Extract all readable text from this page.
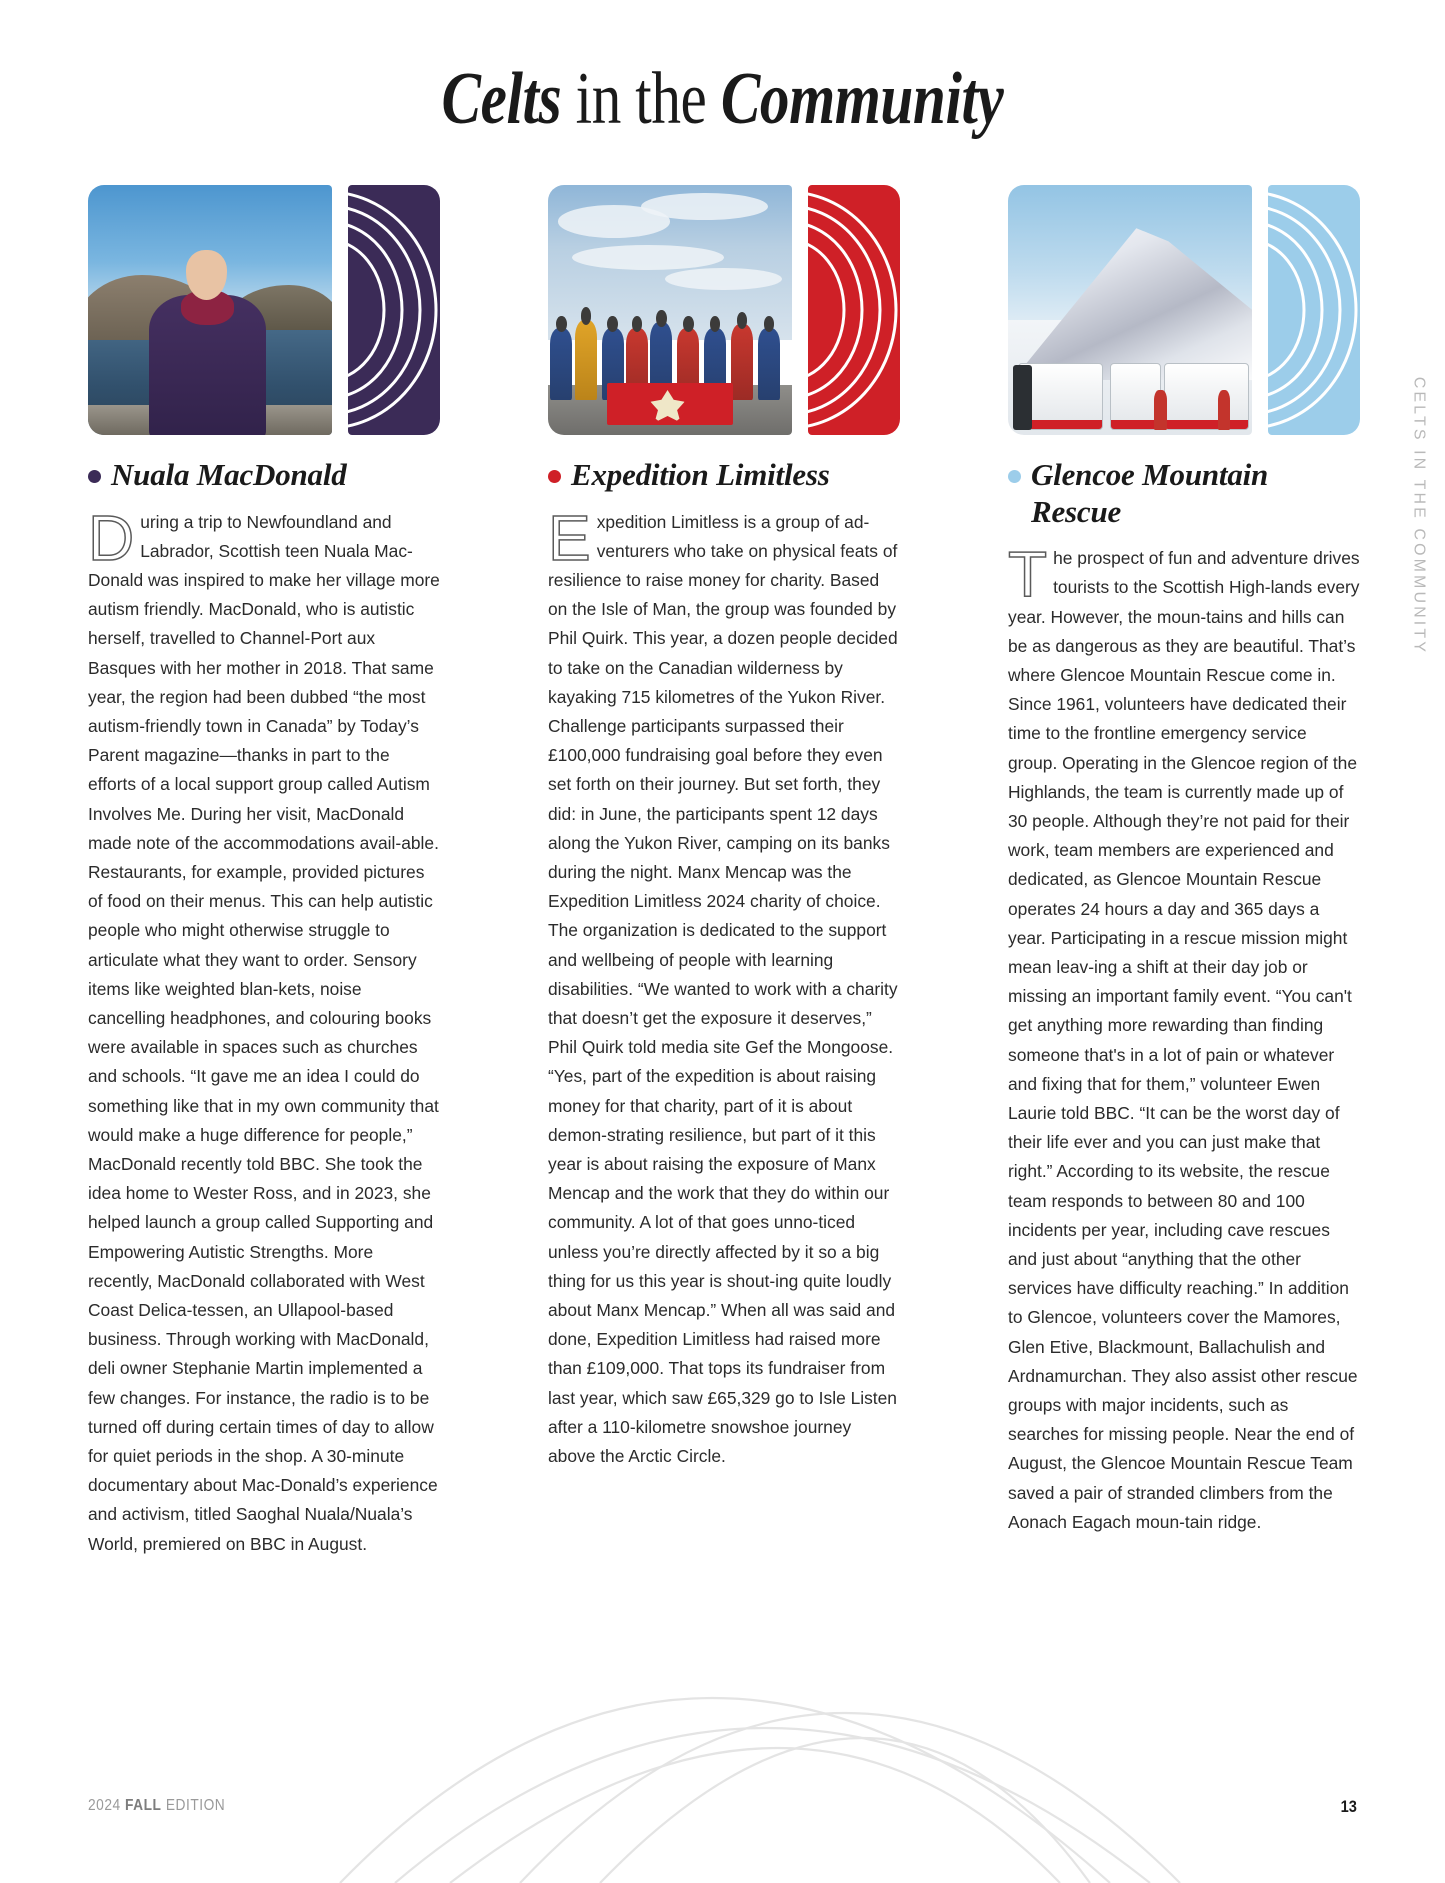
Celts in the Community
Nuala MacDonald
D uring a trip to Newfoundland and Labrador, Scottish teen Nuala Mac-Donald was inspired to make her village more autism friendly. MacDonald, who is autistic herself, travelled to Channel-Port aux Basques with her mother in 2018. That same year, the region had been dubbed “the most autism-friendly town in Canada” by Today’s Parent magazine—thanks in part to the efforts of a local support group called Autism Involves Me. During her visit, MacDonald made note of the accommodations avail-able. Restaurants, for example, provided pictures of food on their menus. This can help autistic people who might otherwise struggle to articulate what they want to order. Sensory items like weighted blan-kets, noise cancelling headphones, and colouring books were available in spaces such as churches and schools. “It gave me an idea I could do something like that in my own community that would make a huge difference for people,” MacDonald recently told BBC. She took the idea home to Wester Ross, and in 2023, she helped launch a group called Supporting and Empowering Autistic Strengths. More recently, MacDonald collaborated with West Coast Delica-tessen, an Ullapool-based business. Through working with MacDonald, deli owner Stephanie Martin implemented a few changes. For instance, the radio is to be turned off during certain times of day to allow for quiet periods in the shop. A 30-minute documentary about Mac-Donald’s experience and activism, titled Saoghal Nuala/Nuala’s World, premiered on BBC in August.

Expedition Limitless
E xpedition Limitless is a group of ad-venturers who take on physical feats of resilience to raise money for charity. Based on the Isle of Man, the group was founded by Phil Quirk. This year, a dozen people decided to take on the Canadian wilderness by kayaking 715 kilometres of the Yukon River. Challenge participants surpassed their £100,000 fundraising goal before they even set forth on their journey. But set forth, they did: in June, the participants spent 12 days along the Yukon River, camping on its banks during the night. Manx Mencap was the Expedition Limitless 2024 charity of choice. The organization is dedicated to the support and wellbeing of people with learning disabilities. “We wanted to work with a charity that doesn’t get the exposure it deserves,” Phil Quirk told media site Gef the Mongoose. “Yes, part of the expedition is about raising money for that charity, part of it is about demon-strating resilience, but part of it this year is about raising the exposure of Manx Mencap and the work that they do within our community. A lot of that goes unno-ticed unless you’re directly affected by it so a big thing for us this year is shout-ing quite loudly about Manx Mencap.” When all was said and done, Expedition Limitless had raised more than £109,000. That tops its fundraiser from last year, which saw £65,329 go to Isle Listen after a 110-kilometre snowshoe journey above the Arctic Circle.

Glencoe Mountain Rescue
T he prospect of fun and adventure drives tourists to the Scottish High-lands every year. However, the moun-tains and hills can be as dangerous as they are beautiful. That’s where Glencoe Mountain Rescue come in. Since 1961, volunteers have dedicated their time to the frontline emergency service group. Operating in the Glencoe region of the Highlands, the team is currently made up of 30 people. Although they’re not paid for their work, team members are experienced and dedicated, as Glencoe Mountain Rescue operates 24 hours a day and 365 days a year. Participating in a rescue mission might mean leav-ing a shift at their day job or missing an important family event. “You can't get anything more rewarding than finding someone that's in a lot of pain or whatever and fixing that for them,” volunteer Ewen Laurie told BBC. “It can be the worst day of their life ever and you can just make that right.” According to its website, the rescue team responds to between 80 and 100 incidents per year, including cave rescues and just about “anything that the other services have difficulty reaching.” In addition to Glencoe, volunteers cover the Mamores, Glen Etive, Blackmount, Ballachulish and Ardnamurchan. They also assist other rescue groups with major incidents, such as searches for missing people. Near the end of August, the Glencoe Mountain Rescue Team saved a pair of stranded climbers from the Aonach Eagach moun-tain ridge.

CELTS IN THE COMMUNITY
2024 FALL EDITION	13
